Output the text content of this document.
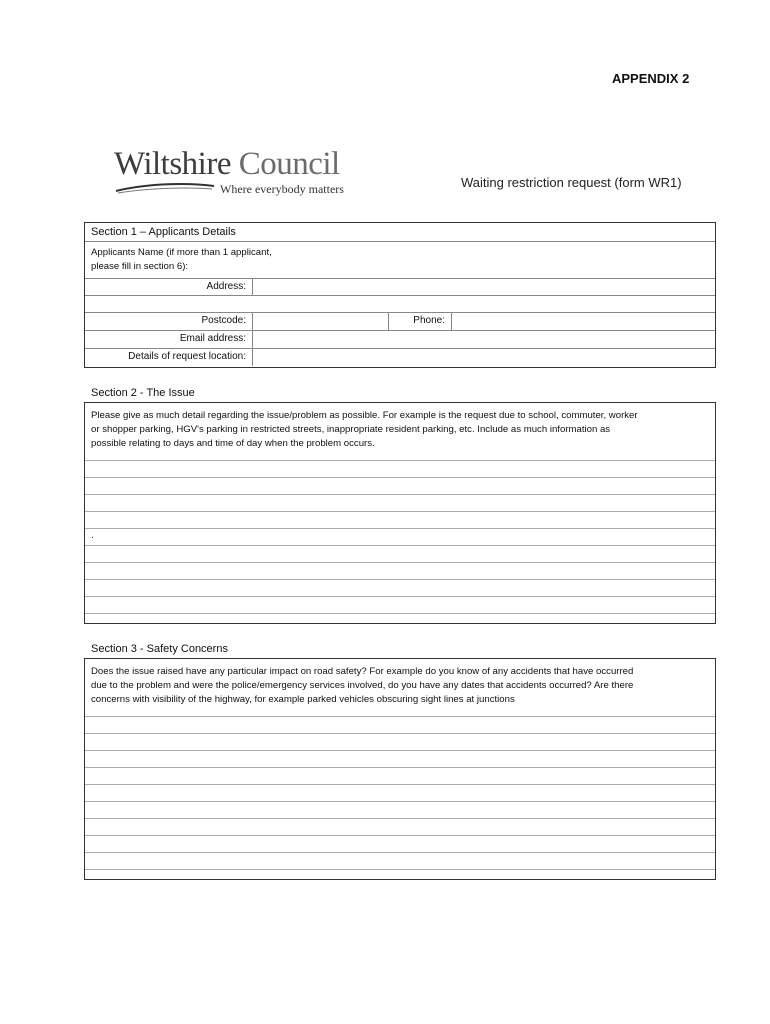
APPENDIX 2
Wiltshire Council
Where everybody matters	Waiting restriction request (form WR1)
Section 1 – Applicants Details
Applicants Name (if more than 1 applicant,
please fill in section 6):
Address:
Postcode:	Phone:
Email address:
Details of request location:
Section 2 - The Issue
Please give as much detail regarding the issue/problem as possible. For example is the request due to school, commuter, worker
or shopper parking, HGV's parking in restricted streets, inappropriate resident parking, etc. Include as much information as
possible relating to days and time of day when the problem occurs.
.
Section 3 - Safety Concerns
Does the issue raised have any particular impact on road safety? For example do you know of any accidents that have occurred
due to the problem and were the police/emergency services involved, do you have any dates that accidents occurred? Are there
concerns with visibility of the highway, for example parked vehicles obscuring sight lines at junctions
